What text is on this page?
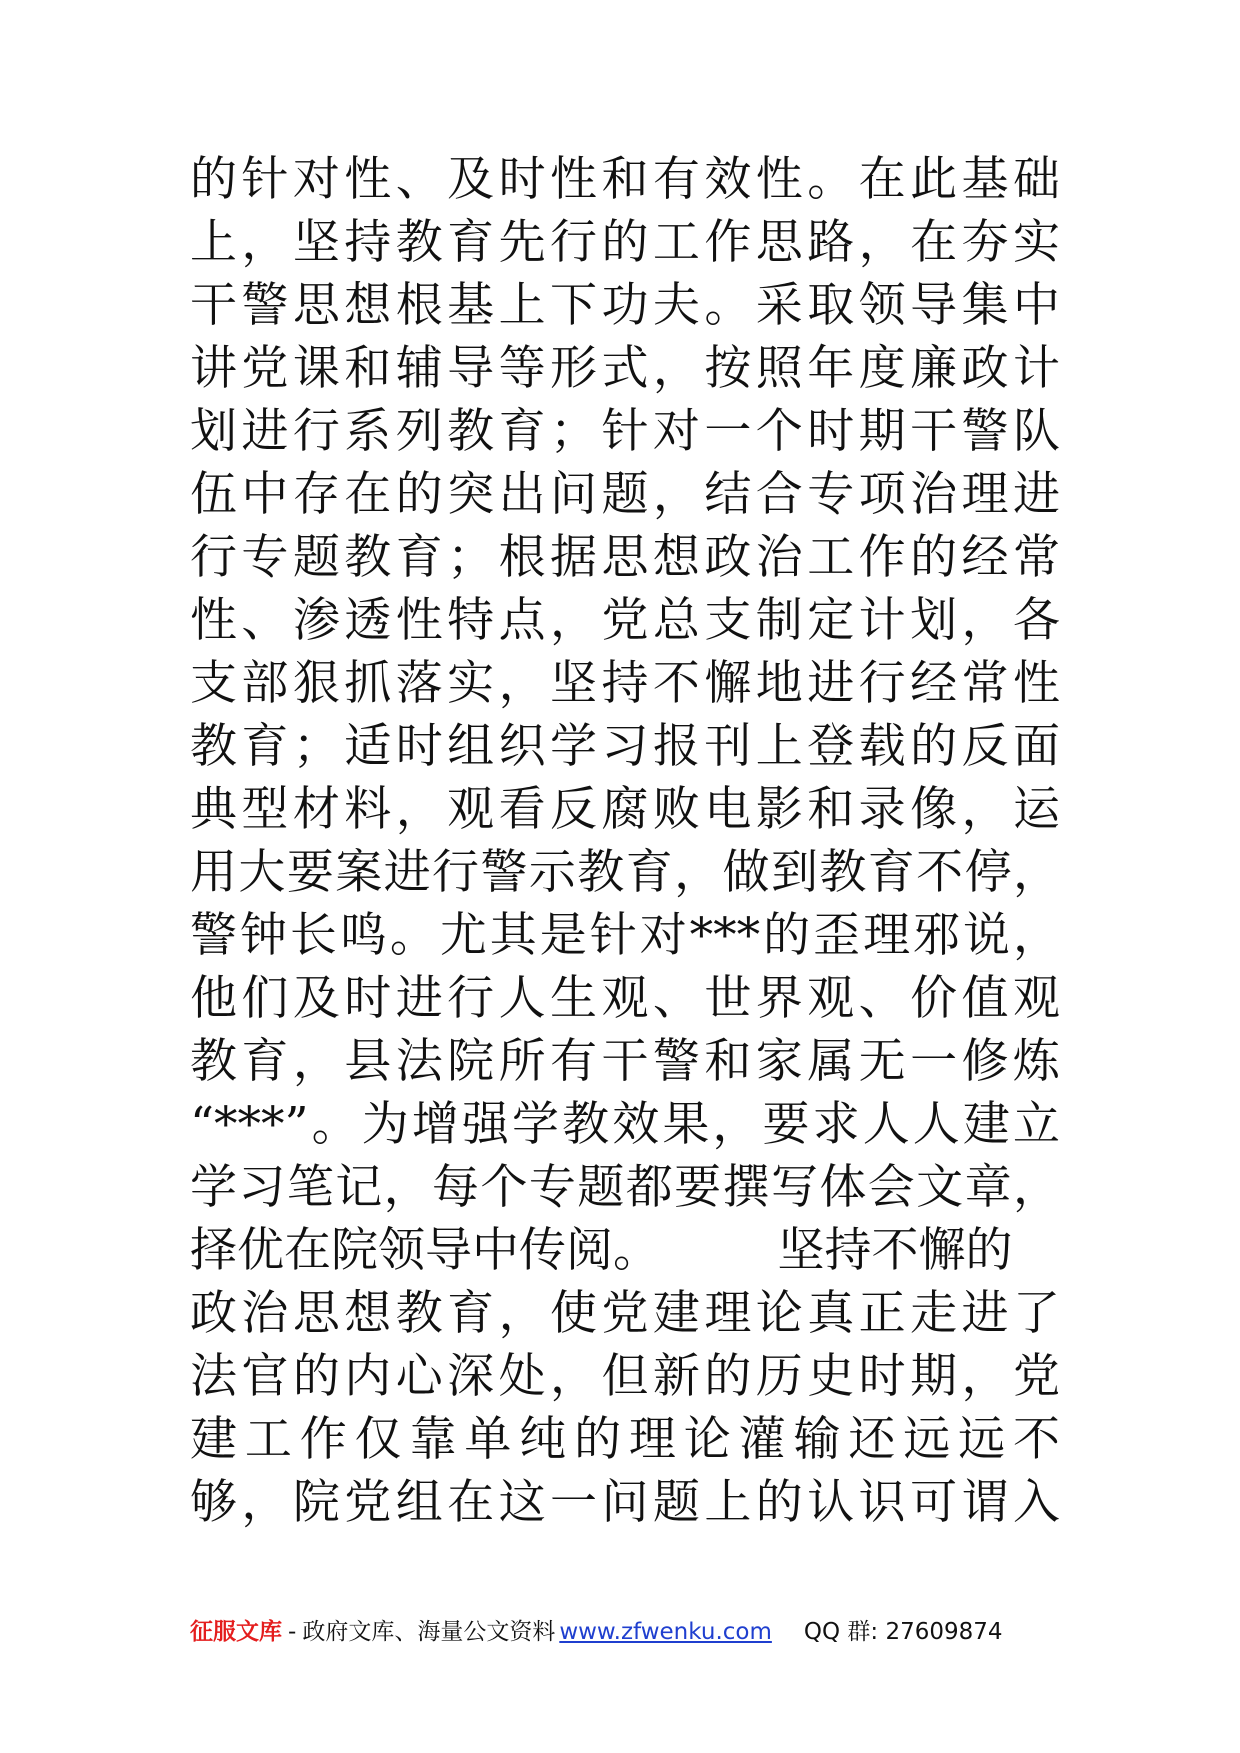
的针对性、及时性和有效性。在此基础
上，坚持教育先行的工作思路，在夯实
干警思想根基上下功夫。采取领导集中
讲党课和辅导等形式，按照年度廉政计
划进行系列教育；针对一个时期干警队
伍中存在的突出问题，结合专项治理进
行专题教育；根据思想政治工作的经常
性、渗透性特点，党总支制定计划，各
支部狠抓落实，坚持不懈地进行经常性
教育；适时组织学习报刊上登载的反面
典型材料，观看反腐败电影和录像，运
用大要案进行警示教育，做到教育不停，
警钟长鸣。尤其是针对***的歪理邪说，
他们及时进行人生观、世界观、价值观
教育，县法院所有干警和家属无一修炼
“***”。为增强学教效果，要求人人建立
学习笔记，每个专题都要撰写体会文章，
择优在院领导中传阅。　　　坚持不懈的
政治思想教育，使党建理论真正走进了
法官的内心深处，但新的历史时期，党
建工作仅靠单纯的理论灌输还远远不
够，院党组在这一问题上的认识可谓入
征服文库 - 政府文库、海量公文资料 www.zfwenku.com QQ 群: 27609874
